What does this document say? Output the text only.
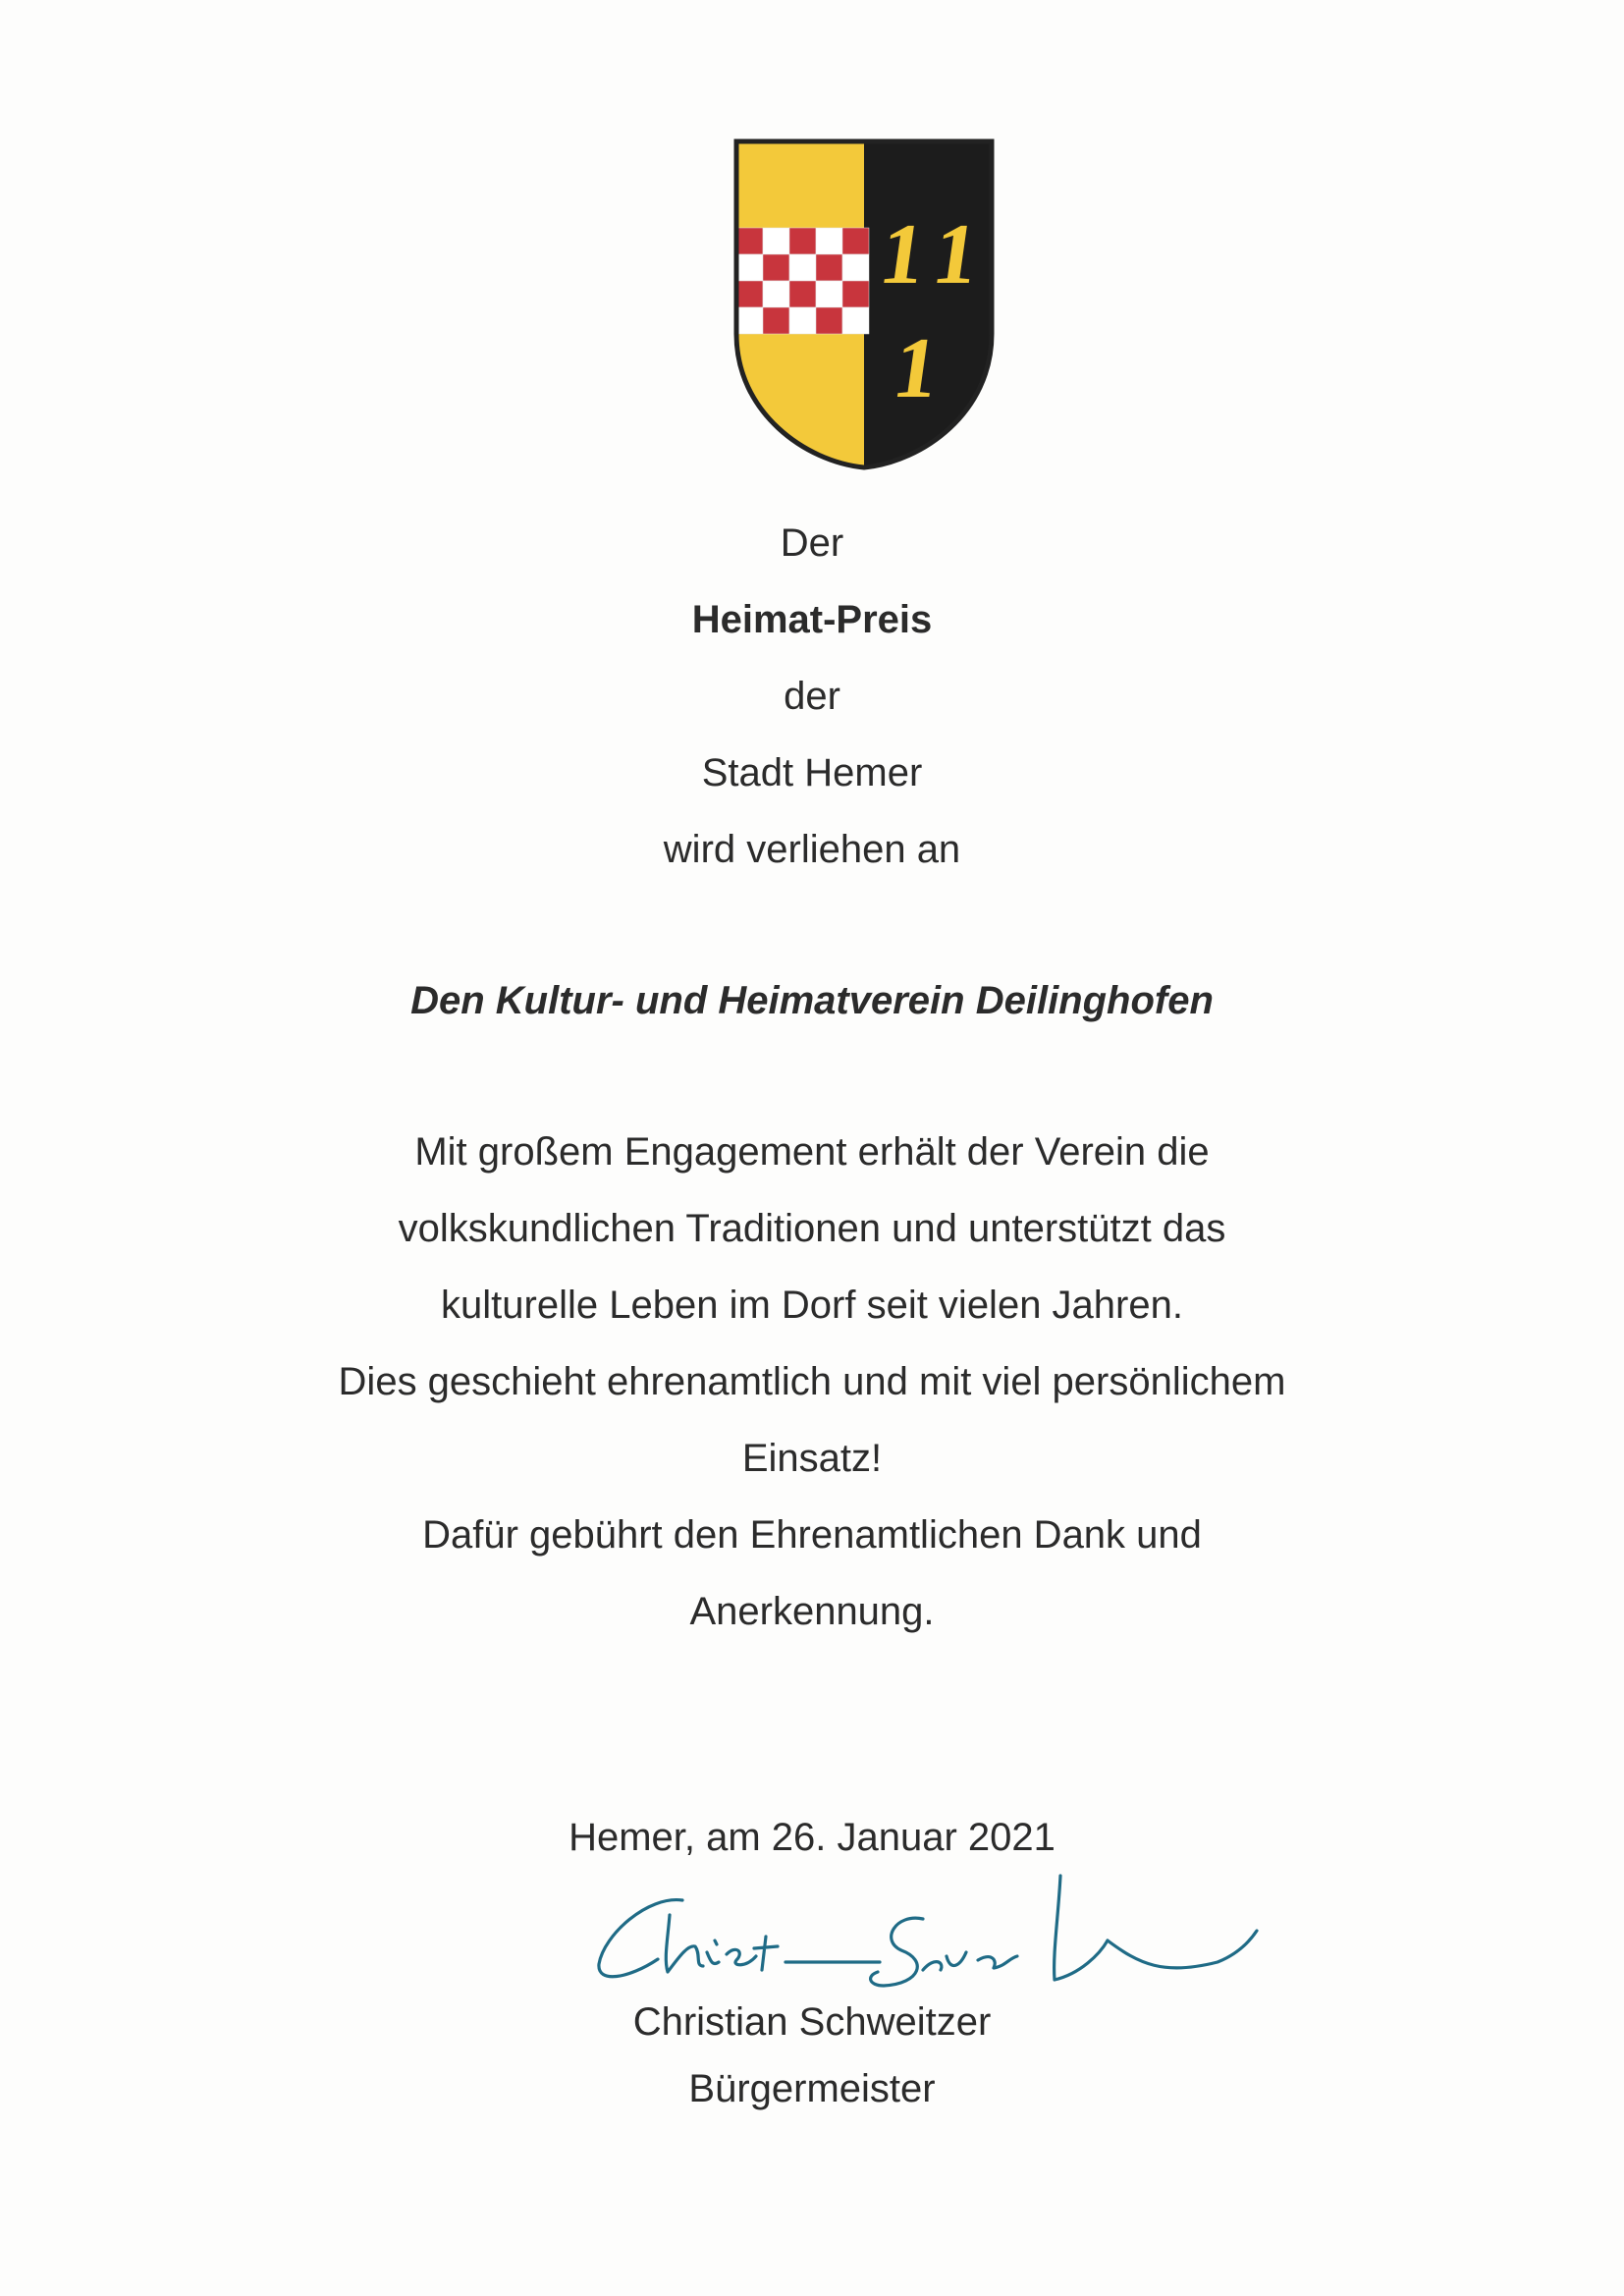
1
1
1
Der
Heimat-Preis
der
Stadt Hemer
wird verliehen an
Den Kultur- und Heimatverein Deilinghofen
Mit großem Engagement erhält der Verein die
volkskundlichen Traditionen und unterstützt das
kulturelle Leben im Dorf seit vielen Jahren.
Dies geschieht ehrenamtlich und mit viel persönlichem
Einsatz!
Dafür gebührt den Ehrenamtlichen Dank und
Anerkennung.
Hemer, am 26. Januar 2021
Christian Schweitzer
Bürgermeister
